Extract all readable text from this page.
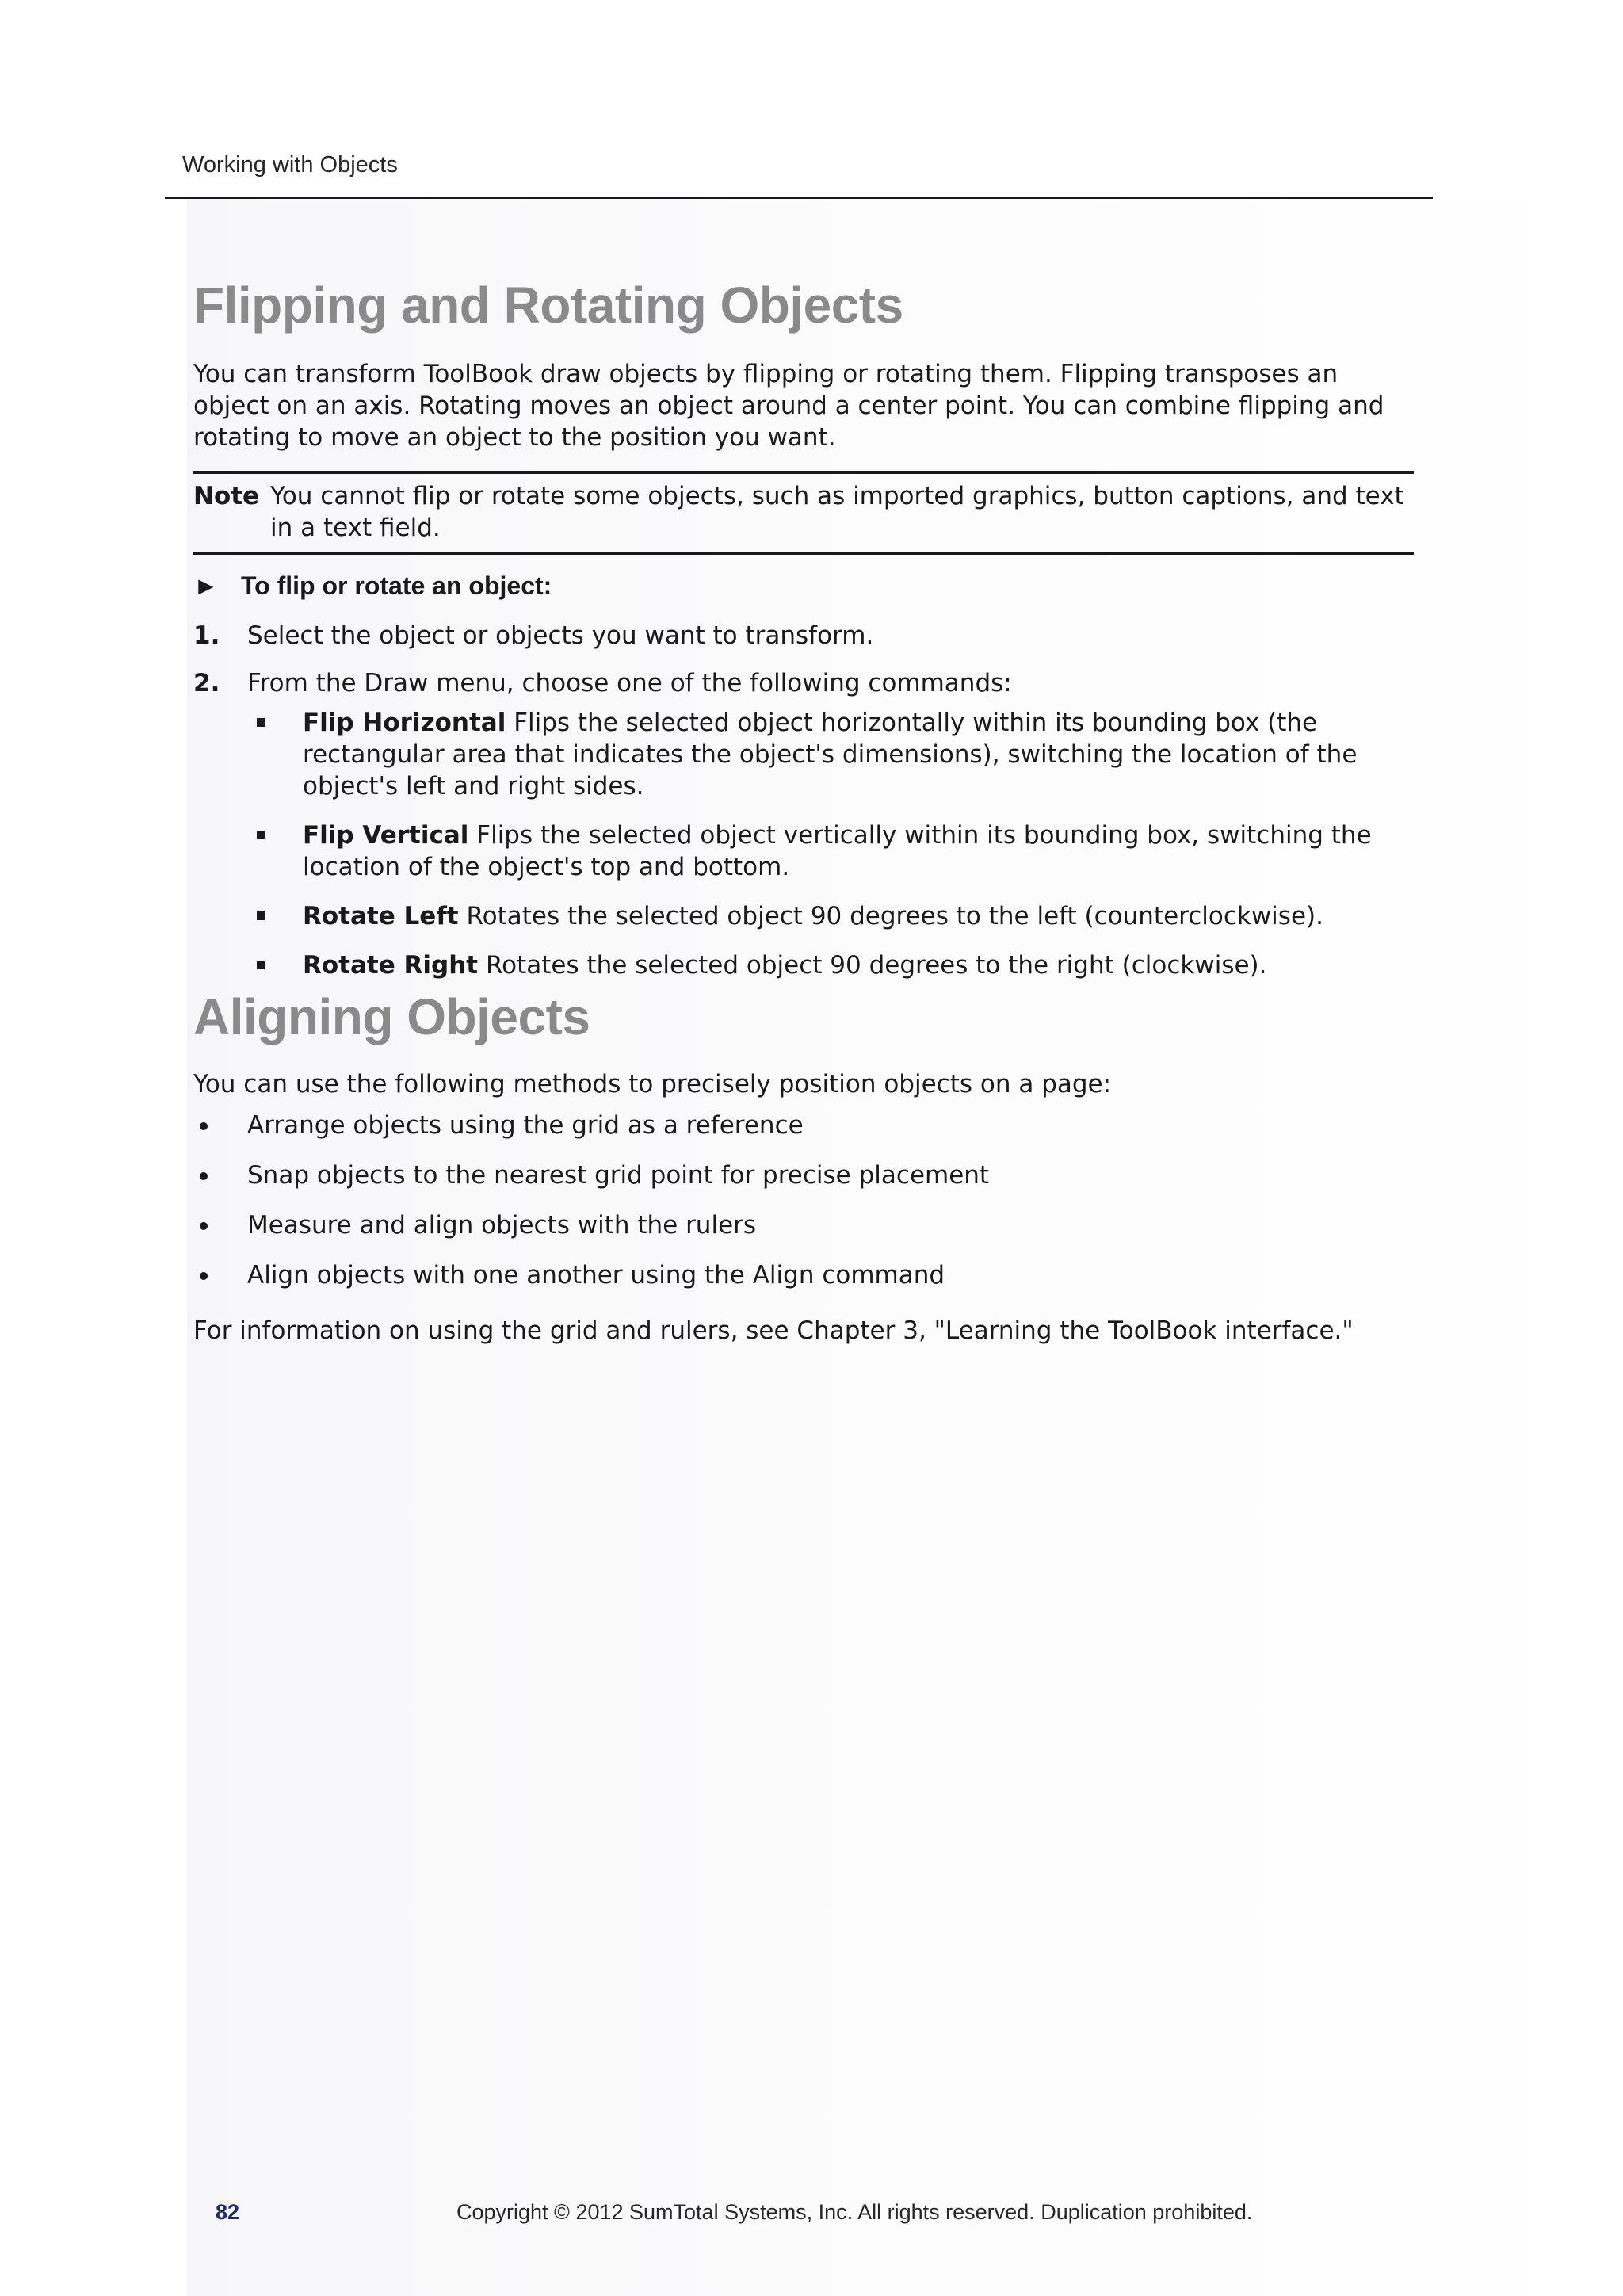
Working with Objects
Flipping and Rotating Objects

You can transform ToolBook draw objects by flipping or rotating them. Flipping transposes an object on an axis. Rotating moves an object around a center point. You can combine flipping and rotating to move an object to the position you want.

Note You cannot flip or rotate some objects, such as imported graphics, button captions, and text in a text field.
► To flip or rotate an object:
1.	Select the object or objects you want to transform.
2.	From the Draw menu, choose one of the following commands:
Flip Horizontal Flips the selected object horizontally within its bounding box (the rectangular area that indicates the object's dimensions), switching the location of the object's left and right sides.
Flip Vertical Flips the selected object vertically within its bounding box, switching the location of the object's top and bottom.
Rotate Left Rotates the selected object 90 degrees to the left (counterclockwise).
Rotate Right Rotates the selected object 90 degrees to the right (clockwise).
Aligning Objects

You can use the following methods to precisely position objects on a page:

Arrange objects using the grid as a reference
Snap objects to the nearest grid point for precise placement
Measure and align objects with the rulers
Align objects with one another using the Align command

For information on using the grid and rulers, see Chapter 3, "Learning the ToolBook interface."

82	Copyright © 2012 SumTotal Systems, Inc. All rights reserved. Duplication prohibited.
